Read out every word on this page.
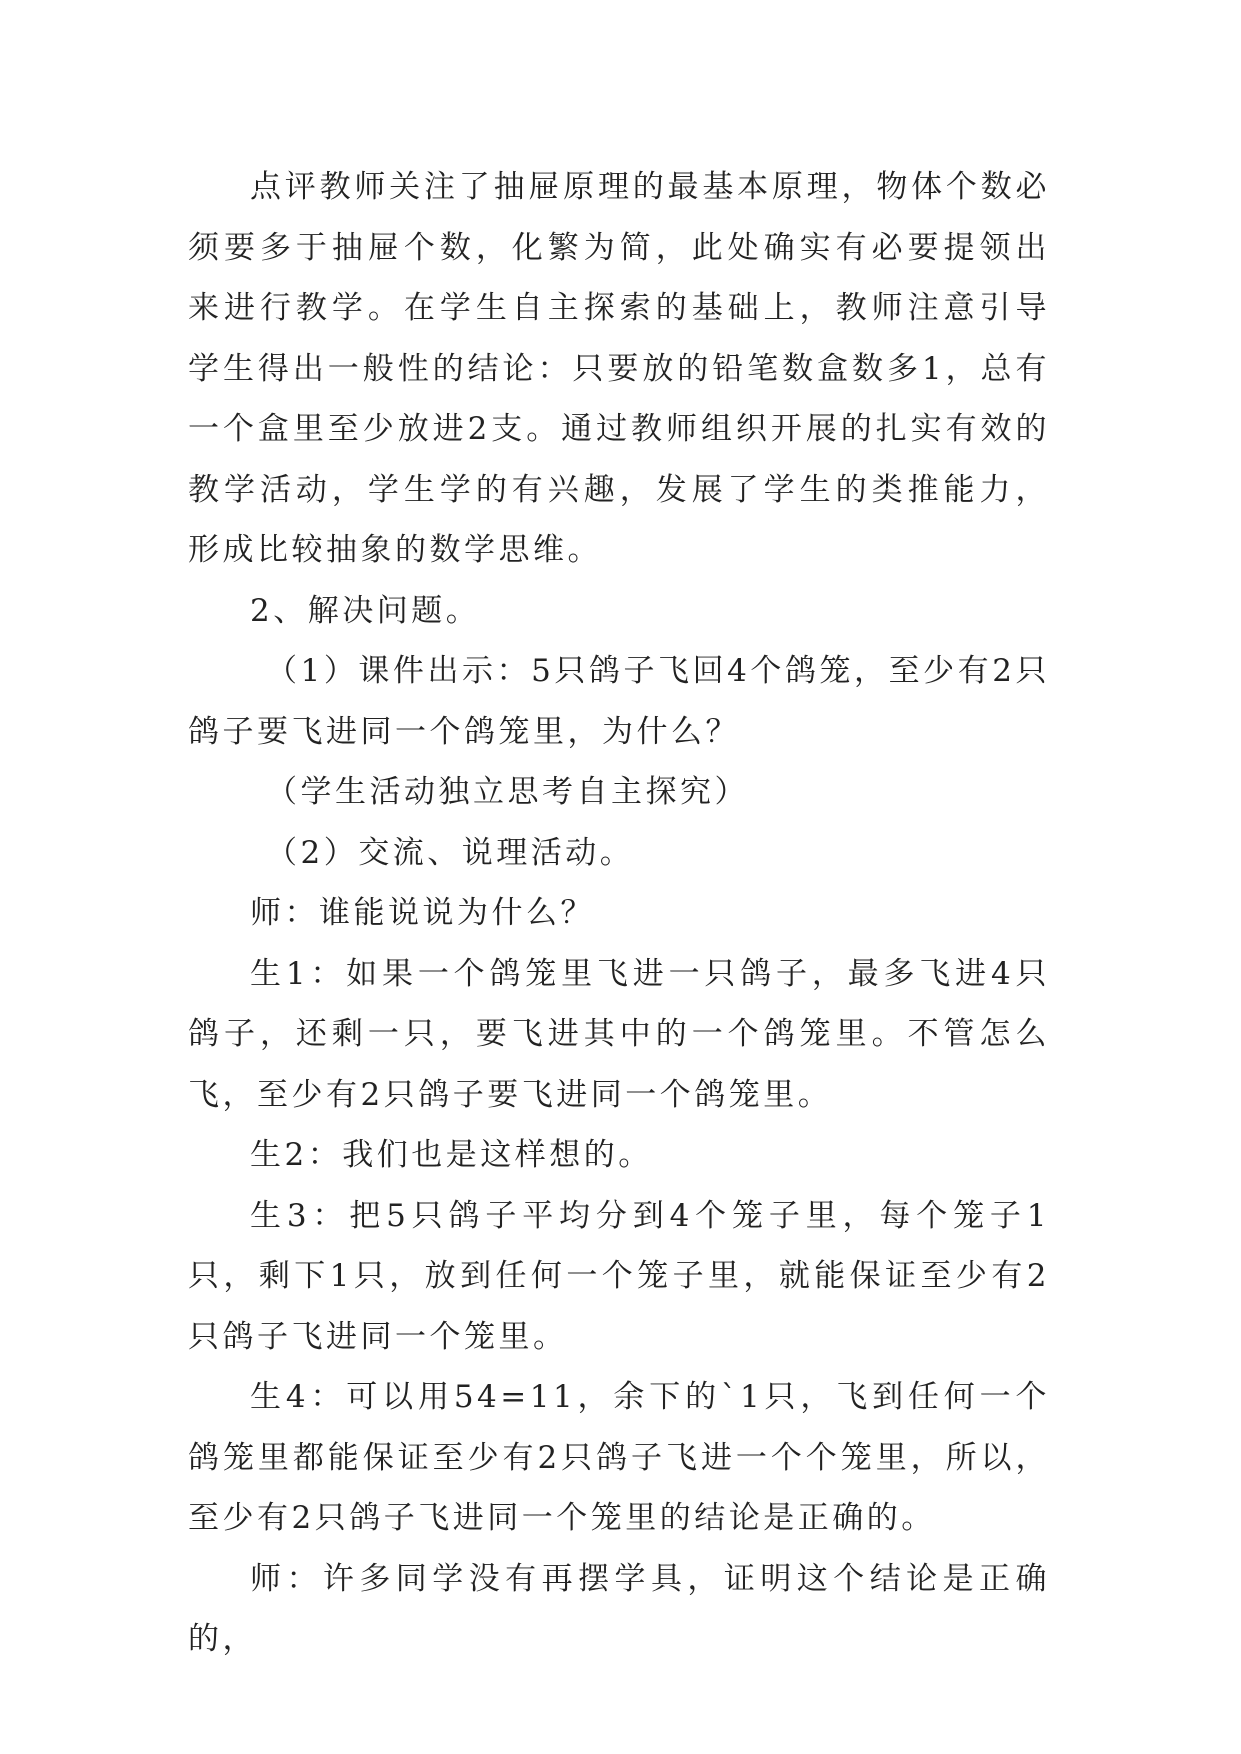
点评教师关注了抽屉原理的最基本原理，物体个数必须要多于抽屉个数，化繁为简，此处确实有必要提领出来进行教学。在学生自主探索的基础上，教师注意引导学生得出一般性的结论：只要放的铅笔数盒数多1，总有一个盒里至少放进2支。通过教师组织开展的扎实有效的教学活动，学生学的有兴趣，发展了学生的类推能力，形成比较抽象的数学思维。

2、解决问题。

（1）课件出示：5只鸽子飞回4个鸽笼，至少有2只鸽子要飞进同一个鸽笼里，为什么？

（学生活动独立思考自主探究）

（2）交流、说理活动。

师：谁能说说为什么？

生1：如果一个鸽笼里飞进一只鸽子，最多飞进4只鸽子，还剩一只，要飞进其中的一个鸽笼里。不管怎么飞，至少有2只鸽子要飞进同一个鸽笼里。

生2：我们也是这样想的。

生3：把5只鸽子平均分到4个笼子里，每个笼子1只，剩下1只，放到任何一个笼子里，就能保证至少有2只鸽子飞进同一个笼里。

生4：可以用54=11，余下的`1只，飞到任何一个鸽笼里都能保证至少有2只鸽子飞进一个个笼里，所以，至少有2只鸽子飞进同一个笼里的结论是正确的。

师：许多同学没有再摆学具，证明这个结论是正确的，
